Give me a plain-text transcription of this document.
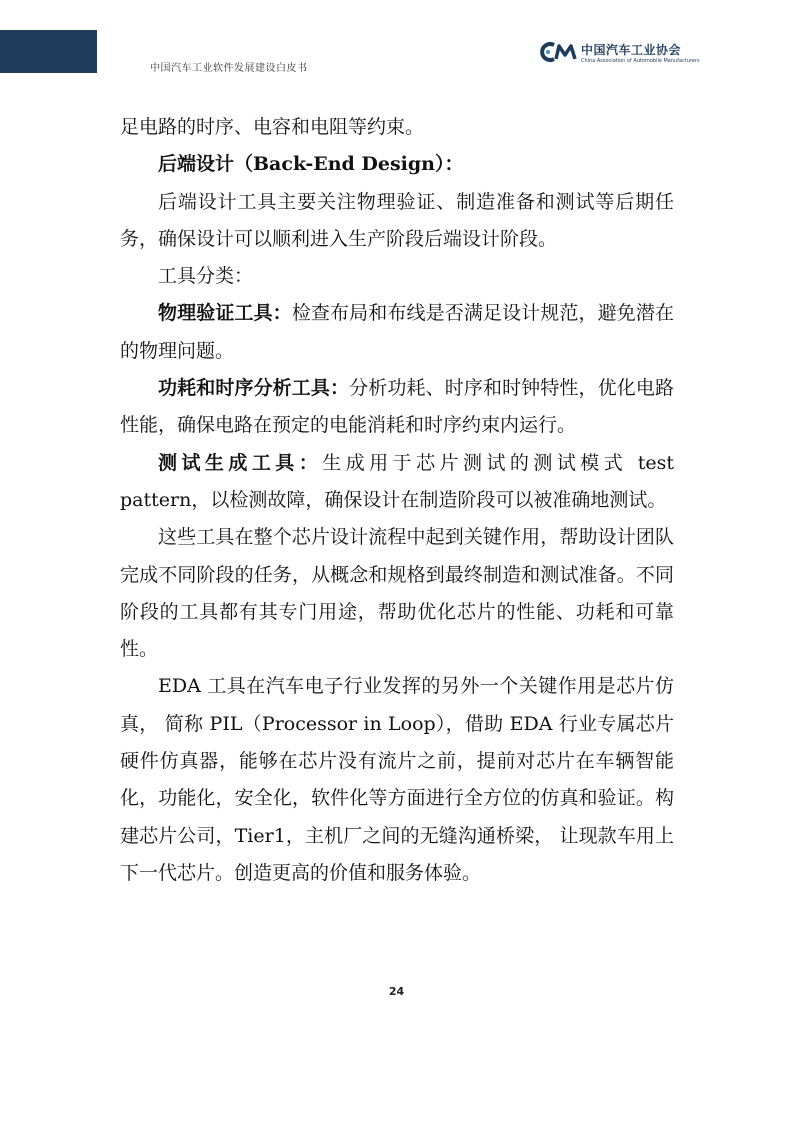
中国汽车工业软件发展建设白皮书
中国汽车工业协会
China Association of Automobile Manufacturers

足电路的时序、电容和电阻等约束。

后端设计（Back-End Design）：

后端设计工具主要关注物理验证、制造准备和测试等后期任务，确保设计可以顺利进入生产阶段后端设计阶段。

工具分类：

物理验证工具：检查布局和布线是否满足设计规范，避免潜在的物理问题。

功耗和时序分析工具：分析功耗、时序和时钟特性，优化电路性能，确保电路在预定的电能消耗和时序约束内运行。

测试生成工具：生成用于芯片测试的测试模式 test pattern，以检测故障，确保设计在制造阶段可以被准确地测试。

这些工具在整个芯片设计流程中起到关键作用，帮助设计团队完成不同阶段的任务，从概念和规格到最终制造和测试准备。不同阶段的工具都有其专门用途，帮助优化芯片的性能、功耗和可靠性。

EDA 工具在汽车电子行业发挥的另外一个关键作用是芯片仿真， 简称 PIL（Processor in Loop），借助 EDA 行业专属芯片硬件仿真器，能够在芯片没有流片之前，提前对芯片在车辆智能化，功能化，安全化，软件化等方面进行全方位的仿真和验证。构建芯片公司，Tier1，主机厂之间的无缝沟通桥梁， 让现款车用上下一代芯片。创造更高的价值和服务体验。

24
